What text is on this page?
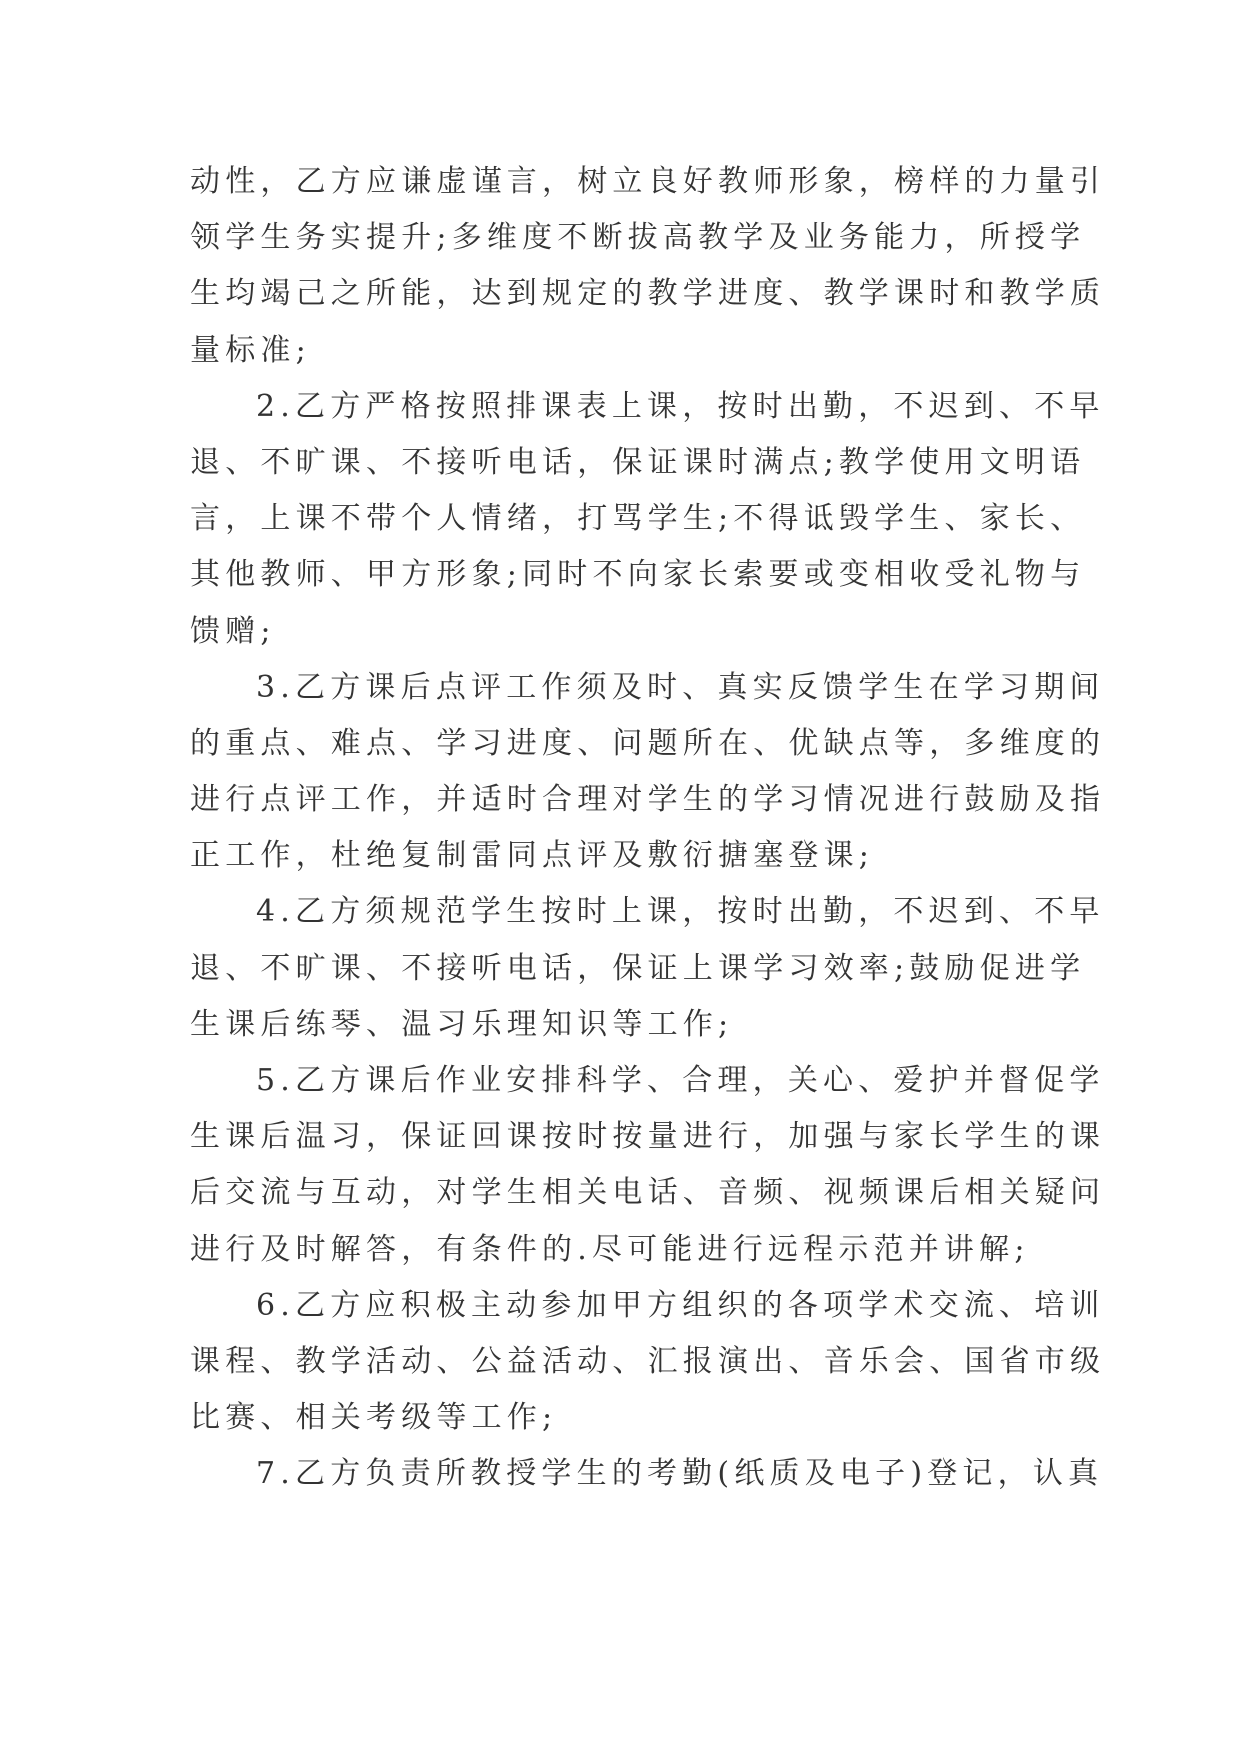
动性，乙方应谦虚谨言，树立良好教师形象，榜样的力量引
领学生务实提升;多维度不断拔高教学及业务能力，所授学
生均竭己之所能，达到规定的教学进度、教学课时和教学质
量标准;
2.乙方严格按照排课表上课，按时出勤，不迟到、不早
退、不旷课、不接听电话，保证课时满点;教学使用文明语
言，上课不带个人情绪，打骂学生;不得诋毁学生、家长、
其他教师、甲方形象;同时不向家长索要或变相收受礼物与
馈赠;
3.乙方课后点评工作须及时、真实反馈学生在学习期间
的重点、难点、学习进度、问题所在、优缺点等，多维度的
进行点评工作，并适时合理对学生的学习情况进行鼓励及指
正工作，杜绝复制雷同点评及敷衍搪塞登课;
4.乙方须规范学生按时上课，按时出勤，不迟到、不早
退、不旷课、不接听电话，保证上课学习效率;鼓励促进学
生课后练琴、温习乐理知识等工作;
5.乙方课后作业安排科学、合理，关心、爱护并督促学
生课后温习，保证回课按时按量进行，加强与家长学生的课
后交流与互动，对学生相关电话、音频、视频课后相关疑问
进行及时解答，有条件的.尽可能进行远程示范并讲解;
6.乙方应积极主动参加甲方组织的各项学术交流、培训
课程、教学活动、公益活动、汇报演出、音乐会、国省市级
比赛、相关考级等工作;
7.乙方负责所教授学生的考勤(纸质及电子)登记，认真
